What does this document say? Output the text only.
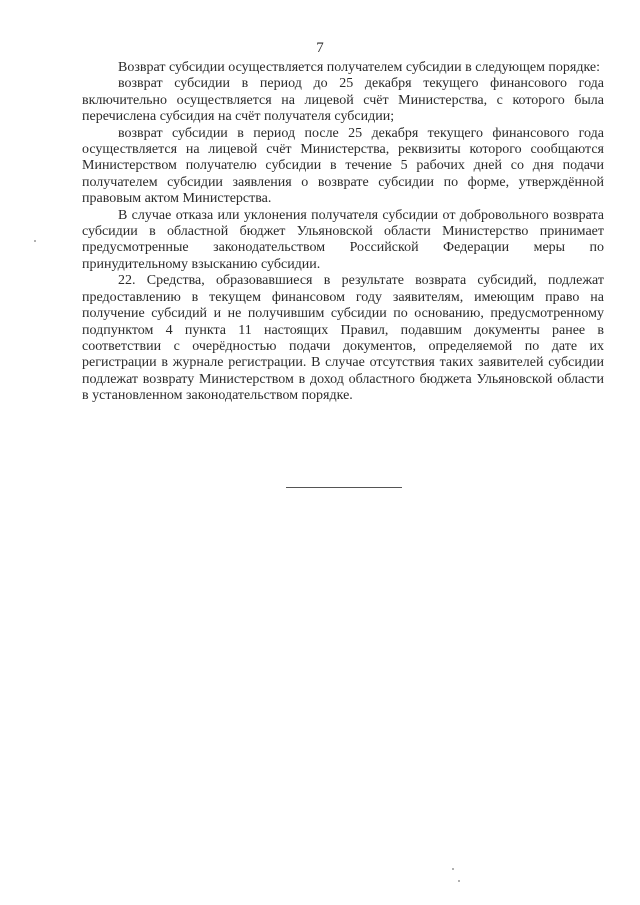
7

Возврат субсидии осуществляется получателем субсидии в следующем порядке:

возврат субсидии в период до 25 декабря текущего финансового года включительно осуществляется на лицевой счёт Министерства, с которого была перечислена субсидия на счёт получателя субсидии;

возврат субсидии в период после 25 декабря текущего финансового года осуществляется на лицевой счёт Министерства, реквизиты которого сообщаются Министерством получателю субсидии в течение 5 рабочих дней со дня подачи получателем субсидии заявления о возврате субсидии по форме, утверждённой правовым актом Министерства.

В случае отказа или уклонения получателя субсидии от добровольного возврата субсидии в областной бюджет Ульяновской области Министерство принимает предусмотренные законодательством Российской Федерации меры по принудительному взысканию субсидии.

22. Средства, образовавшиеся в результате возврата субсидий, подлежат предоставлению в текущем финансовом году заявителям, имеющим право на получение субсидий и не получившим субсидии по основанию, предусмотренному подпунктом 4 пункта 11 настоящих Правил, подавшим документы ранее в соответствии с очерёдностью подачи документов, определяемой по дате их регистрации в журнале регистрации. В случае отсутствия таких заявителей субсидии подлежат возврату Министерством в доход областного бюджета Ульяновской области в установленном законодательством порядке.
